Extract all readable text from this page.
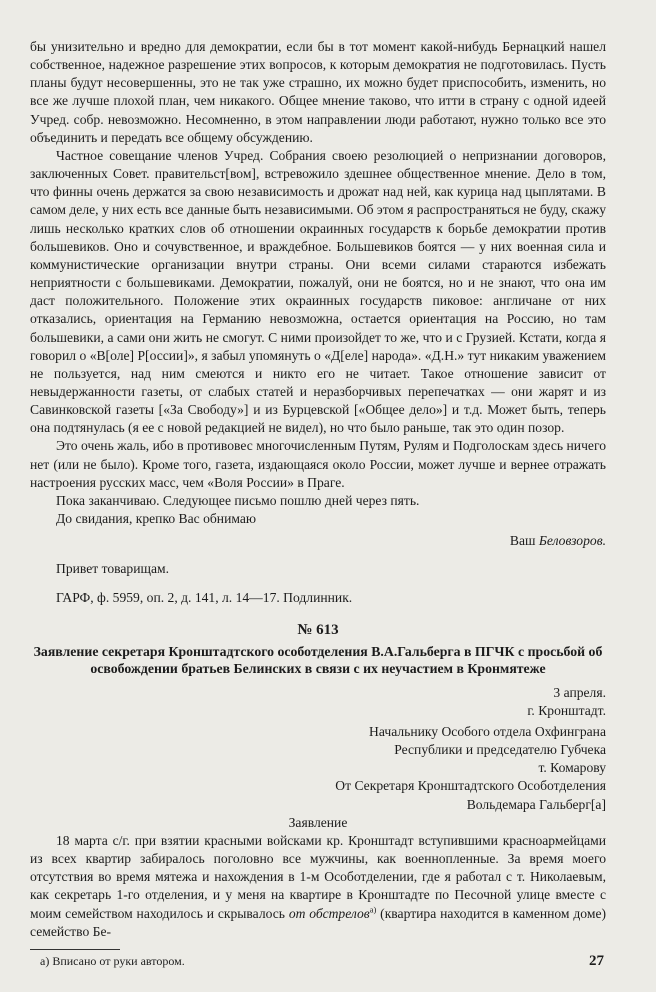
бы унизительно и вредно для демократии, если бы в тот момент какой-нибудь Бернацкий нашел собственное, надежное разрешение этих вопросов, к которым демократия не подготовилась. Пусть планы будут несовершенны, это не так уже страшно, их можно будет приспособить, изменить, но все же лучше плохой план, чем никакого. Общее мнение таково, что итти в страну с одной идеей Учред. собр. невозможно. Несомненно, в этом направлении люди работают, нужно только все это объединить и передать все общему обсуждению.

Частное совещание членов Учред. Собрания своею резолюцией о непризнании договоров, заключенных Совет. правительст[вом], встревожило здешнее общественное мнение. Дело в том, что финны очень держатся за свою независимость и дрожат над ней, как курица над цыплятами. В самом деле, у них есть все данные быть независимыми. Об этом я распространяться не буду, скажу лишь несколько кратких слов об отношении окраинных государств к борьбе демократии против большевиков. Оно и сочувственное, и враждебное. Большевиков боятся — у них военная сила и коммунистические организации внутри страны. Они всеми силами стараются избежать неприятности с большевиками. Демократии, пожалуй, они не боятся, но и не знают, что она им даст положительного. Положение этих окраинных государств пиковое: англичане от них отказались, ориентация на Германию невозможна, остается ориентация на Россию, но там большевики, а сами они жить не смогут. С ними произойдет то же, что и с Грузией. Кстати, когда я говорил о «В[оле] Р[оссии]», я забыл упомянуть о «Д[еле] народа». «Д.Н.» тут никаким уважением не пользуется, над ним смеются и никто его не читает. Такое отношение зависит от невыдержанности газеты, от слабых статей и неразборчивых перепечатках — они жарят и из Савинковской газеты [«За Свободу»] и из Бурцевской [«Общее дело»] и т.д. Может быть, теперь она подтянулась (я ее с новой редакцией не видел), но что было раньше, так это один позор.

Это очень жаль, ибо в противовес многочисленным Путям, Рулям и Подголоскам здесь ничего нет (или не было). Кроме того, газета, издающаяся около России, может лучше и вернее отражать настроения русских масс, чем «Воля России» в Праге.

Пока заканчиваю. Следующее письмо пошлю дней через пять.

До свидания, крепко Вас обнимаю

Ваш Беловзоров.

Привет товарищам.

ГАРФ, ф. 5959, оп. 2, д. 141, л. 14—17. Подлинник.

№ 613
Заявление секретаря Кронштадтского особотделения В.А.Гальберга в ПГЧК с просьбой об освобождении братьев Белинских в связи с их неучастием в Кронмятеже
3 апреля.
г. Кронштадт.
Начальнику Особого отдела Охфинграна
Республики и председателю Губчека
т. Комарову
От Секретаря Кронштадтского Особотделения
Вольдемара Гальберг[а]
Заявление

18 марта с/г. при взятии красными войсками кр. Кронштадт вступившими красноармейцами из всех квартир забиралось поголовно все мужчины, как военнопленные. За время моего отсутствия во время мятежа и нахождения в 1-м Особотделении, где я работал с т. Николаевым, как секретарь 1-го отделения, и у меня на квартире в Кронштадте по Песочной улице вместе с моим семейством находилось и скрывалось от обстрелов$^{а)}$ (квартира находится в каменном доме) семейство Бе-

а) Вписано от руки автором.	27
